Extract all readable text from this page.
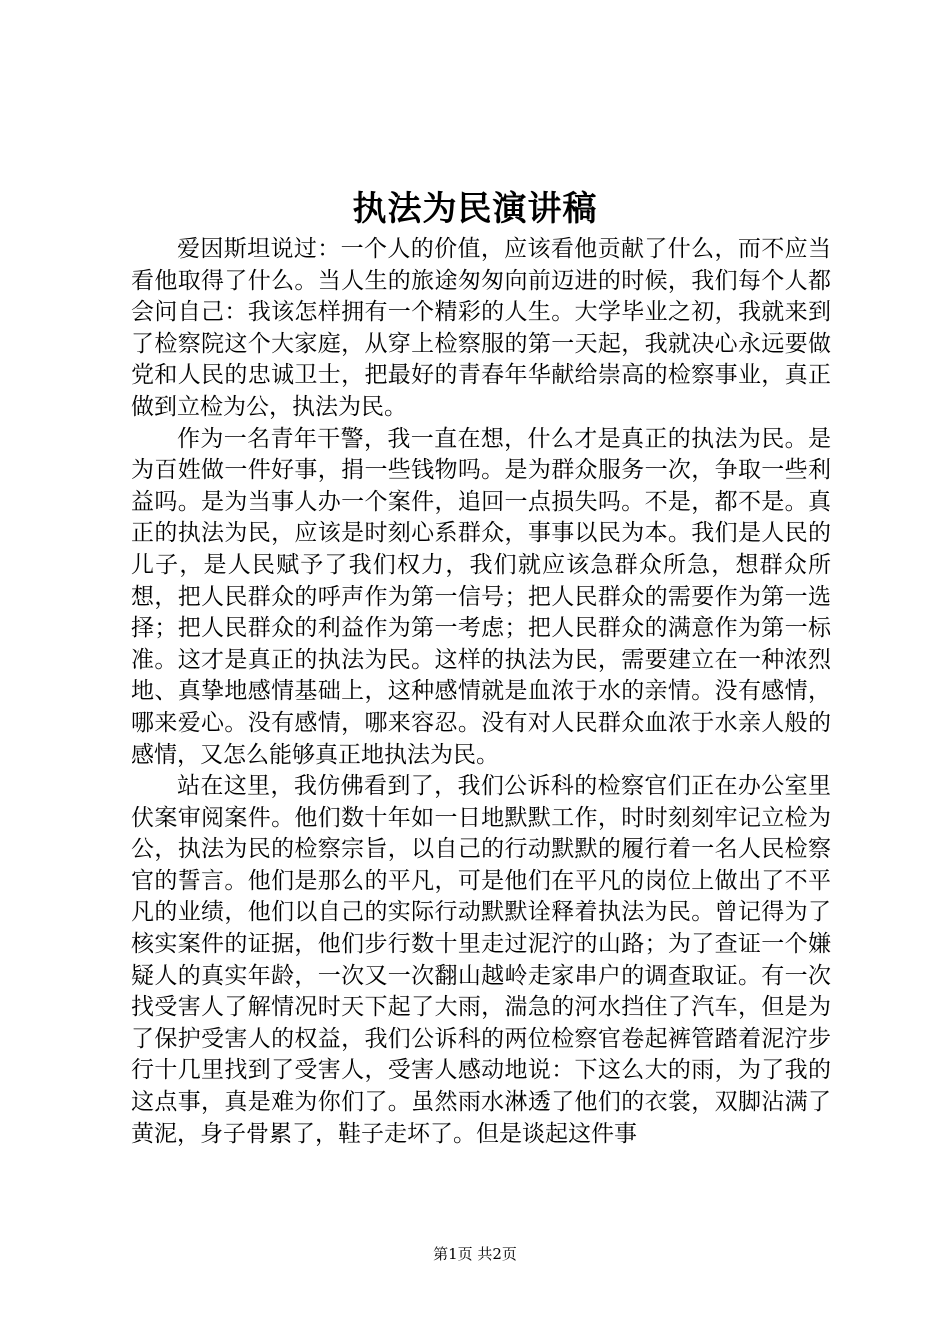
执法为民演讲稿

爱因斯坦说过：一个人的价值，应该看他贡献了什么，而不应当看他取得了什么。当人生的旅途匆匆向前迈进的时候，我们每个人都会问自己：我该怎样拥有一个精彩的人生。大学毕业之初，我就来到了检察院这个大家庭，从穿上检察服的第一天起，我就决心永远要做党和人民的忠诚卫士，把最好的青春年华献给崇高的检察事业，真正做到立检为公，执法为民。

作为一名青年干警，我一直在想，什么才是真正的执法为民。是为百姓做一件好事，捐一些钱物吗。是为群众服务一次，争取一些利益吗。是为当事人办一个案件，追回一点损失吗。不是，都不是。真正的执法为民，应该是时刻心系群众，事事以民为本。我们是人民的儿子，是人民赋予了我们权力，我们就应该急群众所急，想群众所想，把人民群众的呼声作为第一信号；把人民群众的需要作为第一选择；把人民群众的利益作为第一考虑；把人民群众的满意作为第一标准。这才是真正的执法为民。这样的执法为民，需要建立在一种浓烈地、真挚地感情基础上，这种感情就是血浓于水的亲情。没有感情，哪来爱心。没有感情，哪来容忍。没有对人民群众血浓于水亲人般的感情，又怎么能够真正地执法为民。

站在这里，我仿佛看到了，我们公诉科的检察官们正在办公室里伏案审阅案件。他们数十年如一日地默默工作，时时刻刻牢记立检为公，执法为民的检察宗旨，以自己的行动默默的履行着一名人民检察官的誓言。他们是那么的平凡，可是他们在平凡的岗位上做出了不平凡的业绩，他们以自己的实际行动默默诠释着执法为民。曾记得为了核实案件的证据，他们步行数十里走过泥泞的山路；为了查证一个嫌疑人的真实年龄，一次又一次翻山越岭走家串户的调查取证。有一次找受害人了解情况时天下起了大雨，湍急的河水挡住了汽车，但是为了保护受害人的权益，我们公诉科的两位检察官卷起裤管踏着泥泞步行十几里找到了受害人，受害人感动地说：下这么大的雨，为了我的这点事，真是难为你们了。虽然雨水淋透了他们的衣裳，双脚沾满了黄泥，身子骨累了，鞋子走坏了。但是谈起这件事

第1页 共2页
